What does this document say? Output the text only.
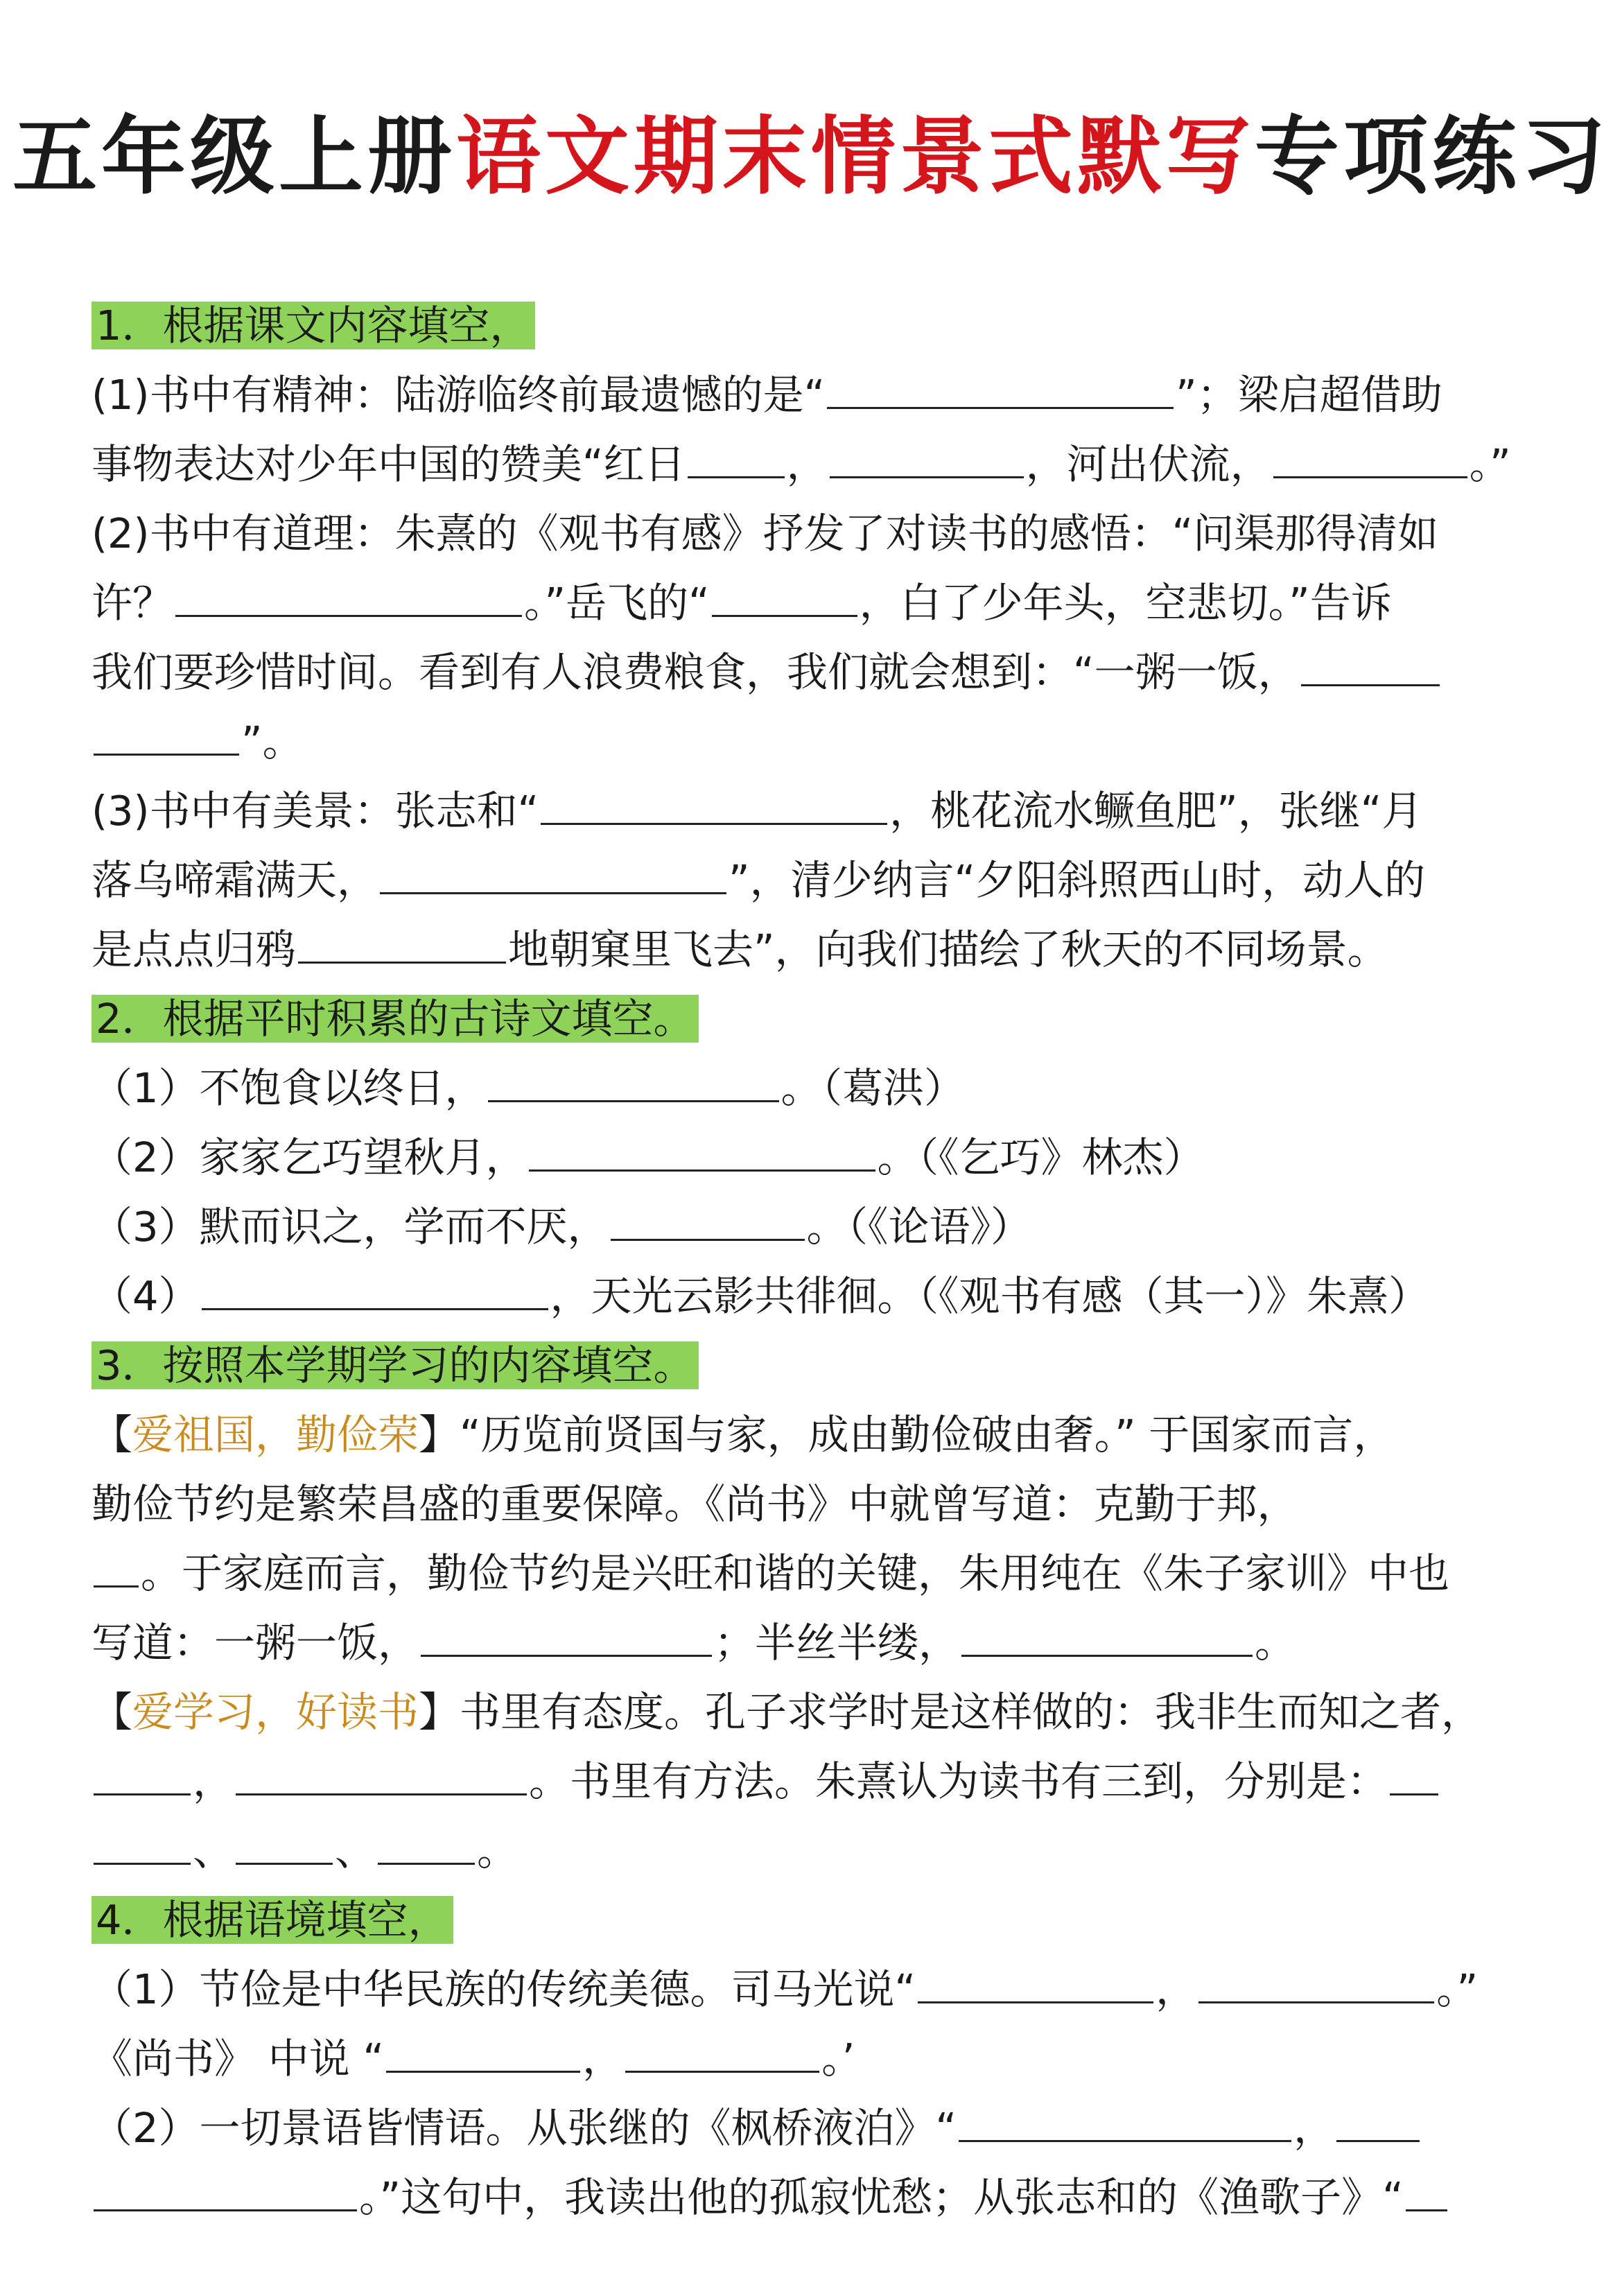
五年级上册语文期末情景式默写专项练习
1．根据课文内容填空，
(1)书中有精神：陆游临终前最遗憾的是“	”；梁启超借助
事物表达对少年中国的赞美“红日 ，	，河出伏流，	。”
(2)书中有道理：朱熹的《观书有感》抒发了对读书的感悟：“问渠那得清如
许？	。”岳飞的“	，白了少年头，空悲切。”告诉
我们要珍惜时间。看到有人浪费粮食，我们就会想到：“一粥一饭，
”。
(3)书中有美景：张志和“	，桃花流水鳜鱼肥”，张继“月
落乌啼霜满天，	”，清少纳言“夕阳斜照西山时，动人的
是点点归鸦	地朝窠里飞去”，向我们描绘了秋天的不同场景。
2．根据平时积累的古诗文填空。
（1）不饱食以终日，	。（葛洪）
（2）家家乞巧望秋月，	。（《乞巧》林杰）
（3）默而识之，学而不厌，	。（《论语》）
（4）	，天光云影共徘徊。（《观书有感（其一）》朱熹）
3．按照本学期学习的内容填空。
【爱祖国，勤俭荣】“历览前贤国与家，成由勤俭破由奢。” 于国家而言，
勤俭节约是繁荣昌盛的重要保障。《尚书》中就曾写道：克勤于邦，
。于家庭而言，勤俭节约是兴旺和谐的关键，朱用纯在《朱子家训》中也
写道：一粥一饭，	；半丝半缕，	。
【爱学习，好读书】书里有态度。孔子求学时是这样做的：我非生而知之者，
，	。书里有方法。朱熹认为读书有三到，分别是：
、 、 。
4．根据语境填空，
（1）节俭是中华民族的传统美德。司马光说“	，	。”
《尚书》 中说 “	，	。’
（2）一切景语皆情语。从张继的《枫桥液泊》“	，
。”这句中，我读出他的孤寂忧愁；从张志和的《渔歌子》“
